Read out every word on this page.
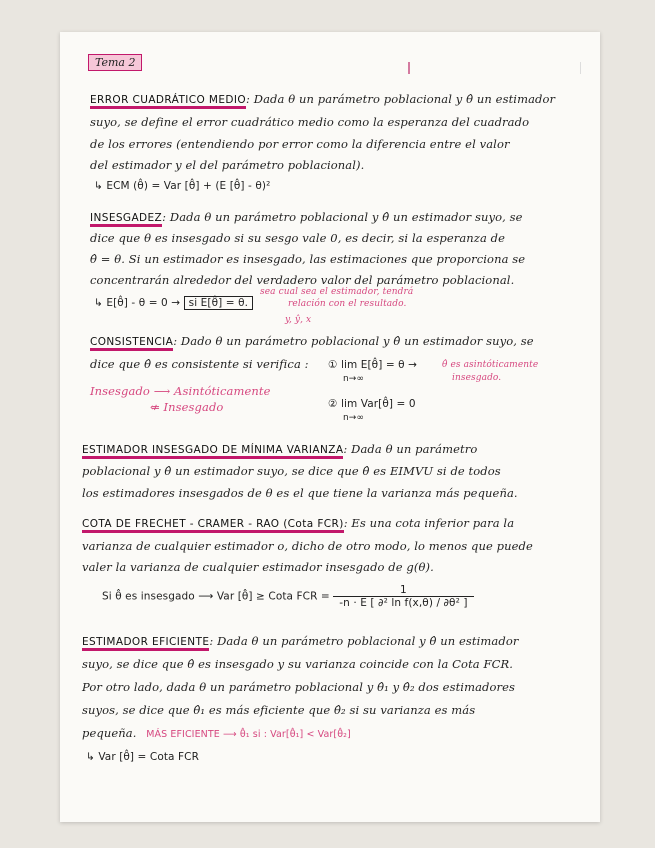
Tema 2
ERROR CUADRÁTICO MEDIO: Dada θ un parámetro poblacional y θ̂ un estimador
suyo, se define el error cuadrático medio como la esperanza del cuadrado
de los errores (entendiendo por error como la diferencia entre el valor
del estimador y el del parámetro poblacional).
↳ ECM (θ̂) = Var [θ̂] + (E [θ̂] - θ)²
INSESGADEZ: Dada θ un parámetro poblacional y θ̂ un estimador suyo, se
dice que θ es insesgado si su sesgo vale 0, es decir, si la esperanza de
θ̂ = θ. Si un estimador es insesgado, las estimaciones que proporciona se
concentrarán alrededor del verdadero valor del parámetro poblacional.
↳ E[θ̂] - θ = 0 → si E[θ̂] = θ.
sea cual sea el estimador, tendrá
relación con el resultado.
y, ŷ, x
CONSISTENCIA: Dado θ un parámetro poblacional y θ̂ un estimador suyo, se
dice que θ̂ es consistente si verifica : ① lim E[θ̂] = θ →
n→∞
θ̂ es asintóticamente
insesgado.
Insesgado ⟶ Asintóticamente
⇍ Insesgado	② lim Var[θ̂] = 0
n→∞
ESTIMADOR INSESGADO DE MÍNIMA VARIANZA: Dada θ un parámetro
poblacional y θ̂ un estimador suyo, se dice que θ̂ es EIMVU si de todos
los estimadores insesgados de θ es el que tiene la varianza más pequeña.
COTA DE FRECHET - CRAMER - RAO (Cota FCR): Es una cota inferior para la
varianza de cualquier estimador o, dicho de otro modo, lo menos que puede
valer la varianza de cualquier estimador insesgado de g(θ).
Si θ̂ es insesgado ⟶ Var [θ̂] ≥ Cota FCR = $\frac{1}{\text{-n · E [ ∂² ln f(x,θ) / ∂θ² ]}}$
ESTIMADOR EFICIENTE: Dada θ un parámetro poblacional y θ̂ un estimador
suyo, se dice que θ̂ es insesgado y su varianza coincide con la Cota FCR.
Por otro lado, dada θ un parámetro poblacional y θ̂₁ y θ̂₂ dos estimadores
suyos, se dice que θ̂₁ es más eficiente que θ̂₂ si su varianza es más
pequeña. MÁS EFICIENTE ⟶ θ̂₁ si : Var[θ̂₁] < Var[θ̂₂]
↳ Var [θ̂] = Cota FCR
